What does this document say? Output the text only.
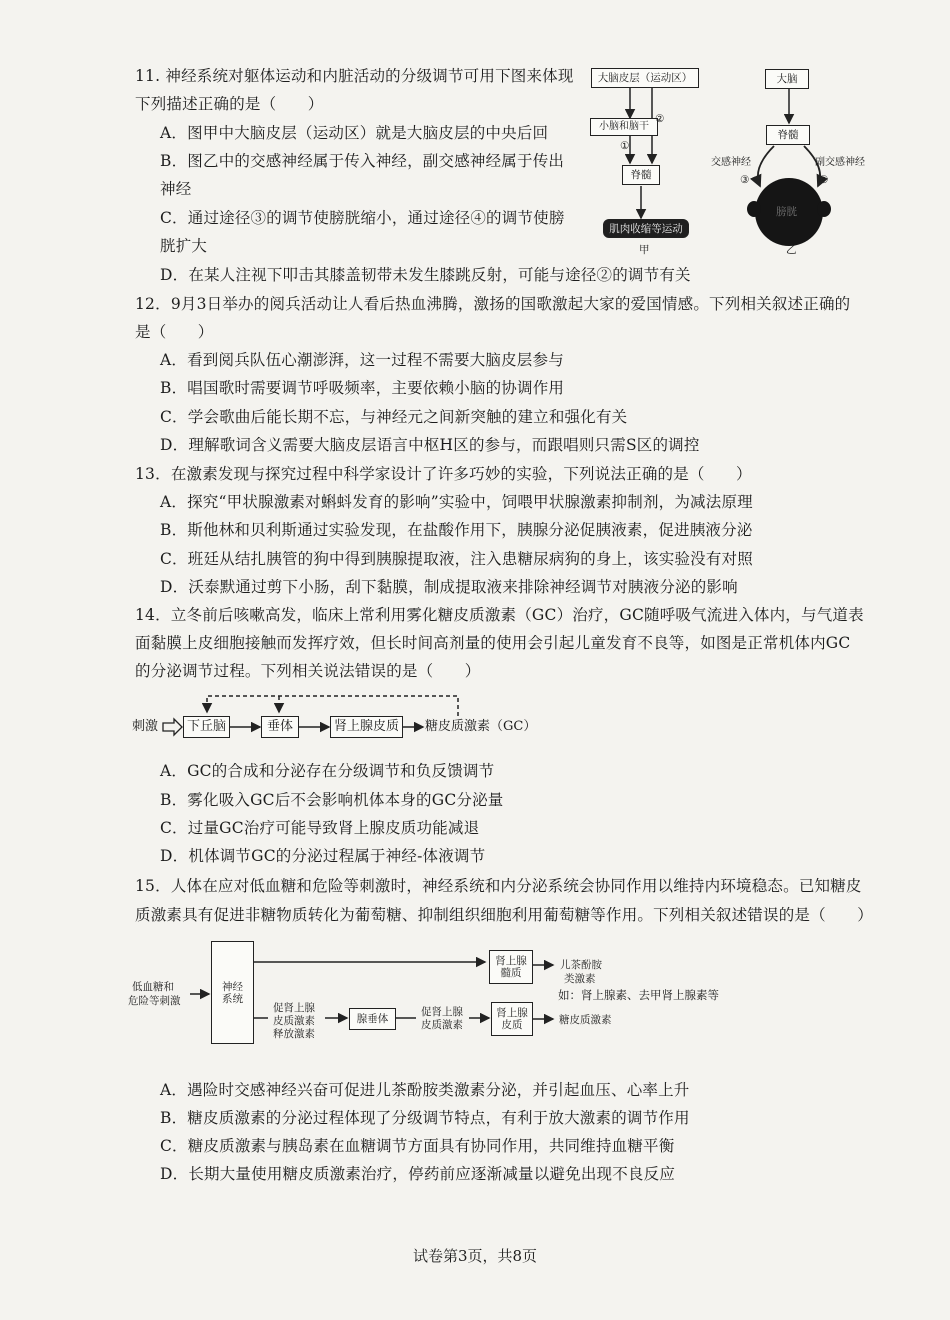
11. 神经系统对躯体运动和内脏活动的分级调节可用下图来体现
下列描述正确的是（　　）
A．图甲中大脑皮层（运动区）就是大脑皮层的中央后回
B．图乙中的交感神经属于传入神经，副交感神经属于传出
神经
C．通过途径③的调节使膀胱缩小，通过途径④的调节使膀
胱扩大
D．在某人注视下叩击其膝盖韧带未发生膝跳反射，可能与途径②的调节有关
大脑皮层（运动区）
小脑和脑干
②
①
脊髓
肌肉收缩等运动
甲
大脑
脊髓
交感神经	副交感神经
③	④
膀胱
乙
12．9月3日举办的阅兵活动让人看后热血沸腾，激扬的国歌激起大家的爱国情感。下列相关叙述正确的
是（　　）
A．看到阅兵队伍心潮澎湃，这一过程不需要大脑皮层参与
B．唱国歌时需要调节呼吸频率，主要依赖小脑的协调作用
C．学会歌曲后能长期不忘，与神经元之间新突触的建立和强化有关
D．理解歌词含义需要大脑皮层语言中枢H区的参与，而跟唱则只需S区的调控
13．在激素发现与探究过程中科学家设计了许多巧妙的实验，下列说法正确的是（　　）
A．探究“甲状腺激素对蝌蚪发育的影响”实验中，饲喂甲状腺激素抑制剂，为减法原理
B．斯他林和贝利斯通过实验发现，在盐酸作用下，胰腺分泌促胰液素，促进胰液分泌
C．班廷从结扎胰管的狗中得到胰腺提取液，注入患糖尿病狗的身上，该实验没有对照
D．沃泰默通过剪下小肠，刮下黏膜，制成提取液来排除神经调节对胰液分泌的影响
14．立冬前后咳嗽高发，临床上常利用雾化糖皮质激素（GC）治疗，GC随呼吸气流进入体内，与气道表
面黏膜上皮细胞接触而发挥疗效，但长时间高剂量的使用会引起儿童发育不良等，如图是正常机体内GC
的分泌调节过程。下列相关说法错误的是（　　）
刺激	下丘脑	垂体	肾上腺皮质	糖皮质激素（GC）
A．GC的合成和分泌存在分级调节和负反馈调节
B．雾化吸入GC后不会影响机体本身的GC分泌量
C．过量GC治疗可能导致肾上腺皮质功能减退
D．机体调节GC的分泌过程属于神经-体液调节
15．人体在应对低血糖和危险等刺激时，神经系统和内分泌系统会协同作用以维持内环境稳态。已知糖皮
质激素具有促进非糖物质转化为葡萄糖、抑制组织细胞利用葡萄糖等作用。下列相关叙述错误的是（　　）
低血糖和
危险等刺激
神经
系统
促肾上腺
皮质激素
释放激素
腺垂体
促肾上腺
皮质激素
肾上腺
髓质
肾上腺
皮质
儿茶酚胺
类激素
如：肾上腺素、去甲肾上腺素等
糖皮质激素
A．遇险时交感神经兴奋可促进儿茶酚胺类激素分泌，并引起血压、心率上升
B．糖皮质激素的分泌过程体现了分级调节特点，有利于放大激素的调节作用
C．糖皮质激素与胰岛素在血糖调节方面具有协同作用，共同维持血糖平衡
D．长期大量使用糖皮质激素治疗，停药前应逐渐减量以避免出现不良反应
试卷第3页，共8页
